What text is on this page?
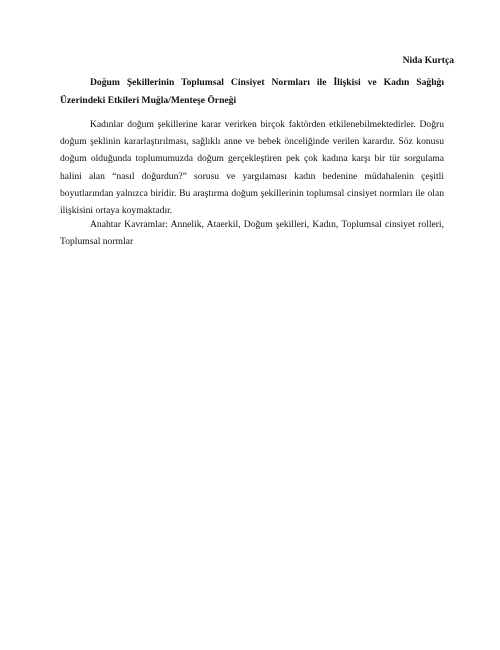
Nida Kurtça
Doğum Şekillerinin Toplumsal Cinsiyet Normları ile İlişkisi ve Kadın Sağlığı Üzerindeki Etkileri Muğla/Menteşe Örneği

Kadınlar doğum şekillerine karar verirken birçok faktörden etkilenebilmektedirler. Doğru doğum şeklinin kararlaştırılması, sağlıklı anne ve bebek önceliğinde verilen karardır. Söz konusu doğum olduğunda toplumumuzda doğum gerçekleştiren pek çok kadına karşı bir tür sorgulama halini alan “nasıl doğurdun?” sorusu ve yargılaması kadın bedenine müdahalenin çeşitli boyutlarından yalnızca biridir. Bu araştırma doğum şekillerinin toplumsal cinsiyet normları ile olan ilişkisini ortaya koymaktadır.

Anahtar Kavramlar: Annelik, Ataerkil, Doğum şekilleri, Kadın, Toplumsal cinsiyet rolleri, Toplumsal normlar
